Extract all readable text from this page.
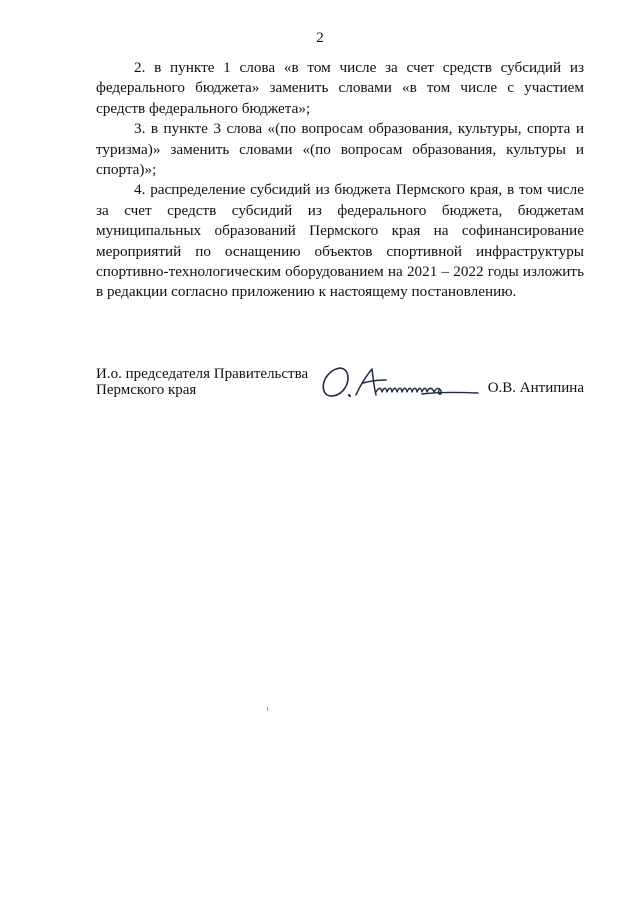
2

2. в пункте 1 слова «в том числе за счет средств субсидий из федерального бюджета» заменить словами «в том числе с участием средств федерального бюджета»;

3. в пункте 3 слова «(по вопросам образования, культуры, спорта и туризма)» заменить словами «(по вопросам образования, культуры и спорта)»;

4. распределение субсидий из бюджета Пермского края, в том числе за счет средств субсидий из федерального бюджета, бюджетам муниципальных образований Пермского края на софинансирование мероприятий по оснащению объектов спортивной инфраструктуры спортивно-технологическим оборудованием на 2021 – 2022 годы изложить в редакции согласно приложению к настоящему постановлению.

И.о. председателя Правительства
Пермского края	О.В. Антипина
